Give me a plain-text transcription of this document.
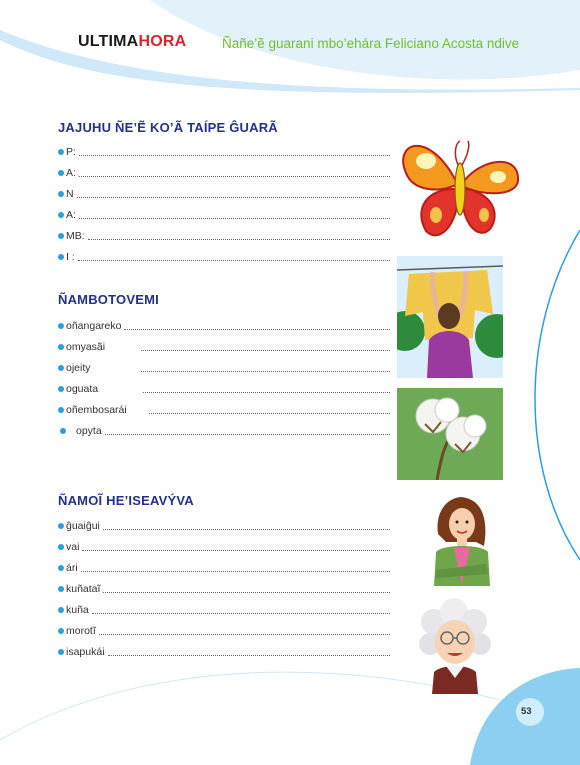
ULTIMAHORA	Ñañe’ẽ guarani mbo’ehára Feliciano Acosta ndive
JAJUHU ÑE’Ẽ KO’Ã TAÍPE ĜUARÃ
P:
A:
N
A:
MB:
I :
ÑAMBOTOVEMI
oñangareko
omyasãi
ojeity
oguata
oñembosarái
opyta
ÑAMOĨ HE’ISEAVÝVA
ĝuaiĝui
vai
ári
kuñataĩ
kuña
morotĩ
isapukái
53
